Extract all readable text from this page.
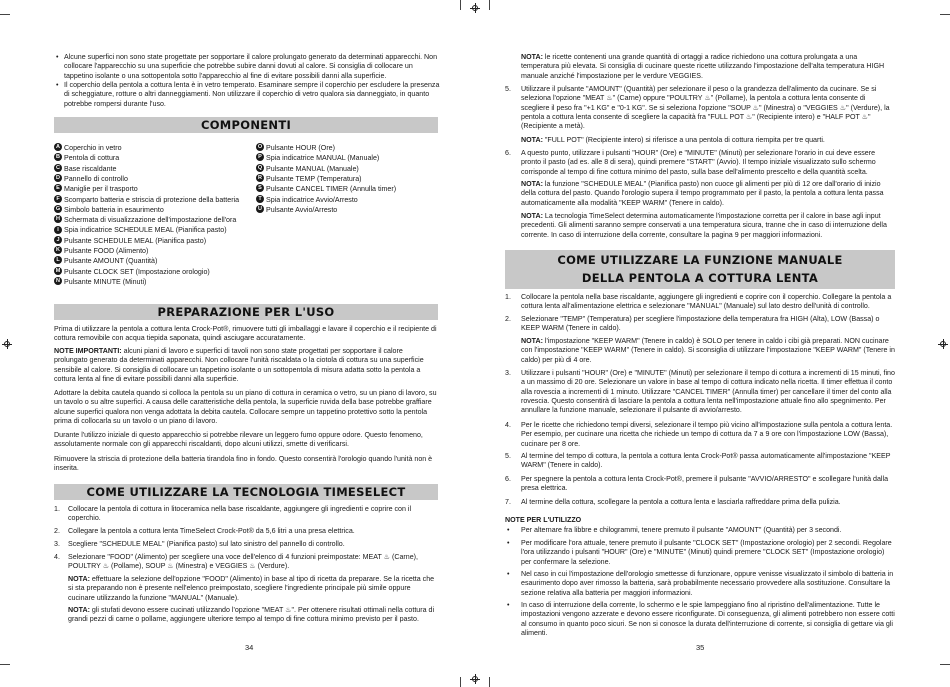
• Alcune superfici non sono state progettate per sopportare il calore prolungato generato da determinati apparecchi. Non collocare l'apparecchio su una superficie che potrebbe subire danni dovuti al calore. Si consiglia di collocare un tappetino isolante o una sottopentola sotto l'apparecchio al fine di evitare possibili danni alla superficie.

• Il coperchio della pentola a cottura lenta è in vetro temperato. Esaminare sempre il coperchio per escludere la presenza di scheggiature, rotture o altri danneggiamenti. Non utilizzare il coperchio di vetro qualora sia danneggiato, in quanto potrebbe rompersi durante l'uso.

COMPONENTI
A Coperchio in vetro
B Pentola di cottura
C Base riscaldante
D Pannello di controllo
E Maniglie per il trasporto
F Scomparto batteria e striscia di protezione della batteria
G Simbolo batteria in esaurimento
H Schermata di visualizzazione dell'impostazione dell'ora
I Spia indicatrice SCHEDULE MEAL (Pianifica pasto)
J Pulsante SCHEDULE MEAL (Pianifica pasto)
K Pulsante FOOD (Alimento)
L Pulsante AMOUNT (Quantità)
M Pulsante CLOCK SET (Impostazione orologio)
N Pulsante MINUTE (Minuti)
O Pulsante HOUR (Ore)
P Spia indicatrice MANUAL (Manuale)
Q Pulsante MANUAL (Manuale)
R Pulsante TEMP (Temperatura)
S Pulsante CANCEL TIMER (Annulla timer)
T Spia indicatrice Avvio/Arresto
U Pulsante Avvio/Arresto
PREPARAZIONE PER L'USO

Prima di utilizzare la pentola a cottura lenta Crock-Pot®, rimuovere tutti gli imballaggi e lavare il coperchio e il recipiente di cottura removibile con acqua tiepida saponata, quindi asciugare accuratamente.

NOTE IMPORTANTI: alcuni piani di lavoro e superfici di tavoli non sono state progettati per sopportare il calore prolungato generato da determinati apparecchi. Non collocare l'unità riscaldata o la ciotola di cottura su una superficie sensibile al calore. Si consiglia di collocare un tappetino isolante o un sottopentola di misura adatta sotto la pentola a cottura lenta al fine di evitare possibili danni alla superficie.

Adottare la debita cautela quando si colloca la pentola su un piano di cottura in ceramica o vetro, su un piano di lavoro, su un tavolo o su altre superfici. A causa delle caratteristiche della pentola, la superficie ruvida della base potrebbe graffiare alcune superfici qualora non venga adottata la debita cautela. Collocare sempre un tappetino protettivo sotto la pentola prima di collocarla su un tavolo o un piano di lavoro.

Durante l'utilizzo iniziale di questo apparecchio si potrebbe rilevare un leggero fumo oppure odore. Questo fenomeno, assolutamente normale con gli apparecchi riscaldanti, dopo alcuni utilizzi, smette di verificarsi.

Rimuovere la striscia di protezione della batteria tirandola fino in fondo. Questo consentirà l'orologio quando l'unità non è inserita.

COME UTILIZZARE LA TECNOLOGIA TIMESELECT
1. Collocare la pentola di cottura in litoceramica nella base riscaldante, aggiungere gli ingredienti e coprire con il coperchio.

2. Collegare la pentola a cottura lenta TimeSelect Crock-Pot® da 5,6 litri a una presa elettrica.

3. Scegliere "SCHEDULE MEAL" (Pianifica pasto) sul lato sinistro del pannello di controllo.

4. Selezionare "FOOD" (Alimento) per scegliere una voce dell'elenco di 4 funzioni preimpostate: MEAT ♨ (Carne), POULTRY ♨ (Pollame), SOUP ♨ (Minestra) e VEGGIES ♨ (Verdure).

NOTA: effettuare la selezione dell'opzione "FOOD" (Alimento) in base al tipo di ricetta da preparare. Se la ricetta che si sta preparando non è presente nell'elenco preimpostato, scegliere l'ingrediente principale più simile oppure cucinare utilizzando la funzione "MANUAL" (Manuale).

NOTA: gli stufati devono essere cucinati utilizzando l'opzione "MEAT ♨". Per ottenere risultati ottimali nella cottura di grandi pezzi di carne o pollame, aggiungere ulteriore tempo al tempo di fine cottura minimo previsto per il pasto.

34

NOTA: le ricette contenenti una grande quantità di ortaggi a radice richiedono una cottura prolungata a una temperatura più elevata. Si consiglia di cucinare queste ricette utilizzando l'impostazione dell'alta temperatura HIGH manuale anziché l'impostazione per le verdure VEGGIES.

5. Utilizzare il pulsante "AMOUNT" (Quantità) per selezionare il peso o la grandezza dell'alimento da cucinare. Se si seleziona l'opzione "MEAT ♨" (Carne) oppure "POULTRY ♨" (Pollame), la pentola a cottura lenta consente di scegliere il peso fra "+1 KG" e "0-1 KG". Se si seleziona l'opzione "SOUP ♨" (Minestra) o "VEGGIES ♨" (Verdure), la pentola a cottura lenta consente di scegliere la capacità fra "FULL POT ♨" (Recipiente intero) e "HALF POT ♨" (Recipiente a metà).

NOTA: "FULL POT" (Recipiente intero) si riferisce a una pentola di cottura riempita per tre quarti.

6. A questo punto, utilizzare i pulsanti "HOUR" (Ore) e "MINUTE" (Minuti) per selezionare l'orario in cui deve essere pronto il pasto (ad es. alle 8 di sera), quindi premere "START" (Avvio). Il tempo iniziale visualizzato sullo schermo corrisponde al tempo di fine cottura minimo del pasto, sulla base dell'alimento prescelto e della quantità scelta.

NOTA: la funzione "SCHEDULE MEAL" (Pianifica pasto) non cuoce gli alimenti per più di 12 ore dall'orario di inizio della cottura del pasto. Quando l'orologio supera il tempo programmato per il pasto, la pentola a cottura lenta passa automaticamente alla modalità "KEEP WARM" (Tenere in caldo).

NOTA: La tecnologia TimeSelect determina automaticamente l'impostazione corretta per il calore in base agli input precedenti. Gli alimenti saranno sempre conservati a una temperatura sicura, tranne che in caso di interruzione della corrente. In caso di interruzione della corrente, consultare la pagina 9 per maggiori informazioni.

COME UTILIZZARE LA FUNZIONE MANUALE
DELLA PENTOLA A COTTURA LENTA
1. Collocare la pentola nella base riscaldante, aggiungere gli ingredienti e coprire con il coperchio. Collegare la pentola a cottura lenta all'alimentazione elettrica e selezionare "MANUAL" (Manuale) sul lato destro dell'unità di controllo.

2. Selezionare "TEMP" (Temperatura) per scegliere l'impostazione della temperatura fra HIGH (Alta), LOW (Bassa) o KEEP WARM (Tenere in caldo).

NOTA: l'impostazione "KEEP WARM" (Tenere in caldo) è SOLO per tenere in caldo i cibi già preparati. NON cucinare con l'impostazione "KEEP WARM" (Tenere in caldo). Si sconsiglia di utilizzare l'impostazione "KEEP WARM" (Tenere in caldo) per più di 4 ore.

3. Utilizzare i pulsanti "HOUR" (Ore) e "MINUTE" (Minuti) per selezionare il tempo di cottura a incrementi di 15 minuti, fino a un massimo di 20 ore. Selezionare un valore in base al tempo di cottura indicato nella ricetta. Il timer effettua il conto alla rovescia a incrementi di 1 minuto. Utilizzare "CANCEL TIMER" (Annulla timer) per cancellare il timer del conto alla rovescia. Questo consentirà di lasciare la pentola a cottura lenta nell'impostazione attuale fino allo spegnimento. Per annullare la funzione manuale, selezionare il pulsante di avvio/arresto.

4. Per le ricette che richiedono tempi diversi, selezionare il tempo più vicino all'impostazione sulla pentola a cottura lenta. Per esempio, per cucinare una ricetta che richiede un tempo di cottura da 7 a 9 ore con l'impostazione LOW (Bassa), cucinare per 8 ore.

5. Al termine del tempo di cottura, la pentola a cottura lenta Crock-Pot® passa automaticamente all'impostazione "KEEP WARM" (Tenere in caldo).

6. Per spegnere la pentola a cottura lenta Crock-Pot®, premere il pulsante "AVVIO/ARRESTO" e scollegare l'unità dalla presa elettrica.

7. Al termine della cottura, scollegare la pentola a cottura lenta e lasciarla raffreddare prima della pulizia.

NOTE PER L'UTILIZZO

• Per alternare fra libbre e chilogrammi, tenere premuto il pulsante "AMOUNT" (Quantità) per 3 secondi.

• Per modificare l'ora attuale, tenere premuto il pulsante "CLOCK SET" (Impostazione orologio) per 2 secondi. Regolare l'ora utilizzando i pulsanti "HOUR" (Ore) e "MINUTE" (Minuti) quindi premere "CLOCK SET" (Impostazione orologio) per confermare la selezione.

• Nel caso in cui l'impostazione dell'orologio smettesse di funzionare, oppure venisse visualizzato il simbolo di batteria in esaurimento dopo aver rimosso la batteria, sarà probabilmente necessario provvedere alla sostituzione. Consultare la sezione relativa alla batteria per maggiori informazioni.

• In caso di interruzione della corrente, lo schermo e le spie lampeggiano fino al ripristino dell'alimentazione. Tutte le impostazioni vengono azzerate e devono essere riconfigurate. Di conseguenza, gli alimenti potrebbero non essere cotti al consumo in quanto poco sicuri. Se non si conosce la durata dell'interruzione di corrente, si consiglia di gettare via gli alimenti.

35
